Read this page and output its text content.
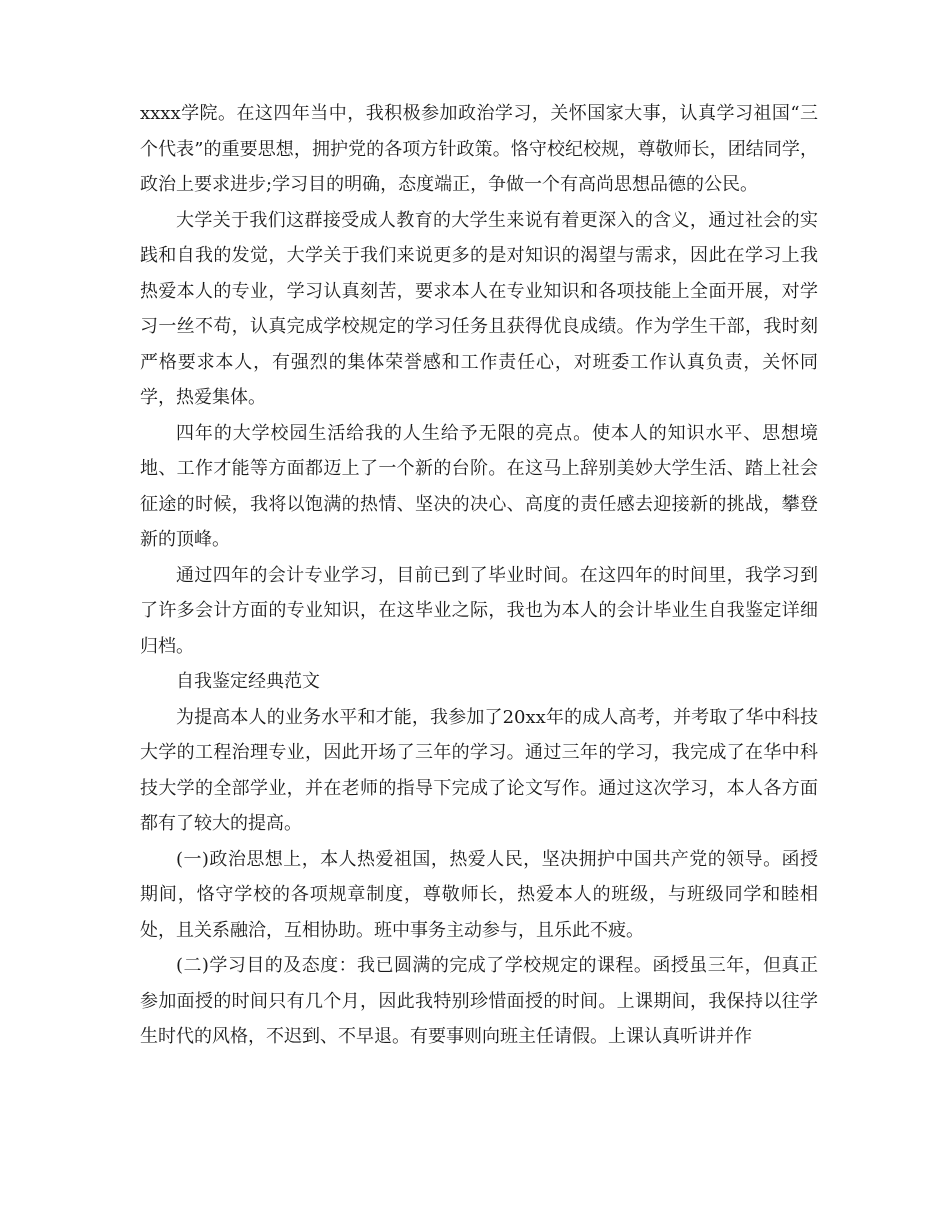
xxxx学院。在这四年当中，我积极参加政治学习，关怀国家大事，认真学习祖国“三个代表”的重要思想，拥护党的各项方针政策。恪守校纪校规，尊敬师长，团结同学，政治上要求进步;学习目的明确，态度端正，争做一个有高尚思想品德的公民。

大学关于我们这群接受成人教育的大学生来说有着更深入的含义，通过社会的实践和自我的发觉，大学关于我们来说更多的是对知识的渴望与需求，因此在学习上我热爱本人的专业，学习认真刻苦，要求本人在专业知识和各项技能上全面开展，对学习一丝不苟，认真完成学校规定的学习任务且获得优良成绩。作为学生干部，我时刻严格要求本人，有强烈的集体荣誉感和工作责任心，对班委工作认真负责，关怀同学，热爱集体。

四年的大学校园生活给我的人生给予无限的亮点。使本人的知识水平、思想境地、工作才能等方面都迈上了一个新的台阶。在这马上辞别美妙大学生活、踏上社会征途的时候，我将以饱满的热情、坚决的决心、高度的责任感去迎接新的挑战，攀登新的顶峰。

通过四年的会计专业学习，目前已到了毕业时间。在这四年的时间里，我学习到了许多会计方面的专业知识，在这毕业之际，我也为本人的会计毕业生自我鉴定详细归档。

自我鉴定经典范文

为提高本人的业务水平和才能，我参加了20xx年的成人高考，并考取了华中科技大学的工程治理专业，因此开场了三年的学习。通过三年的学习，我完成了在华中科技大学的全部学业，并在老师的指导下完成了论文写作。通过这次学习，本人各方面都有了较大的提高。

(一)政治思想上，本人热爱祖国，热爱人民，坚决拥护中国共产党的领导。函授期间，恪守学校的各项规章制度，尊敬师长，热爱本人的班级，与班级同学和睦相处，且关系融洽，互相协助。班中事务主动参与，且乐此不疲。

(二)学习目的及态度：我已圆满的完成了学校规定的课程。函授虽三年，但真正参加面授的时间只有几个月，因此我特别珍惜面授的时间。上课期间，我保持以往学生时代的风格，不迟到、不早退。有要事则向班主任请假。上课认真听讲并作
